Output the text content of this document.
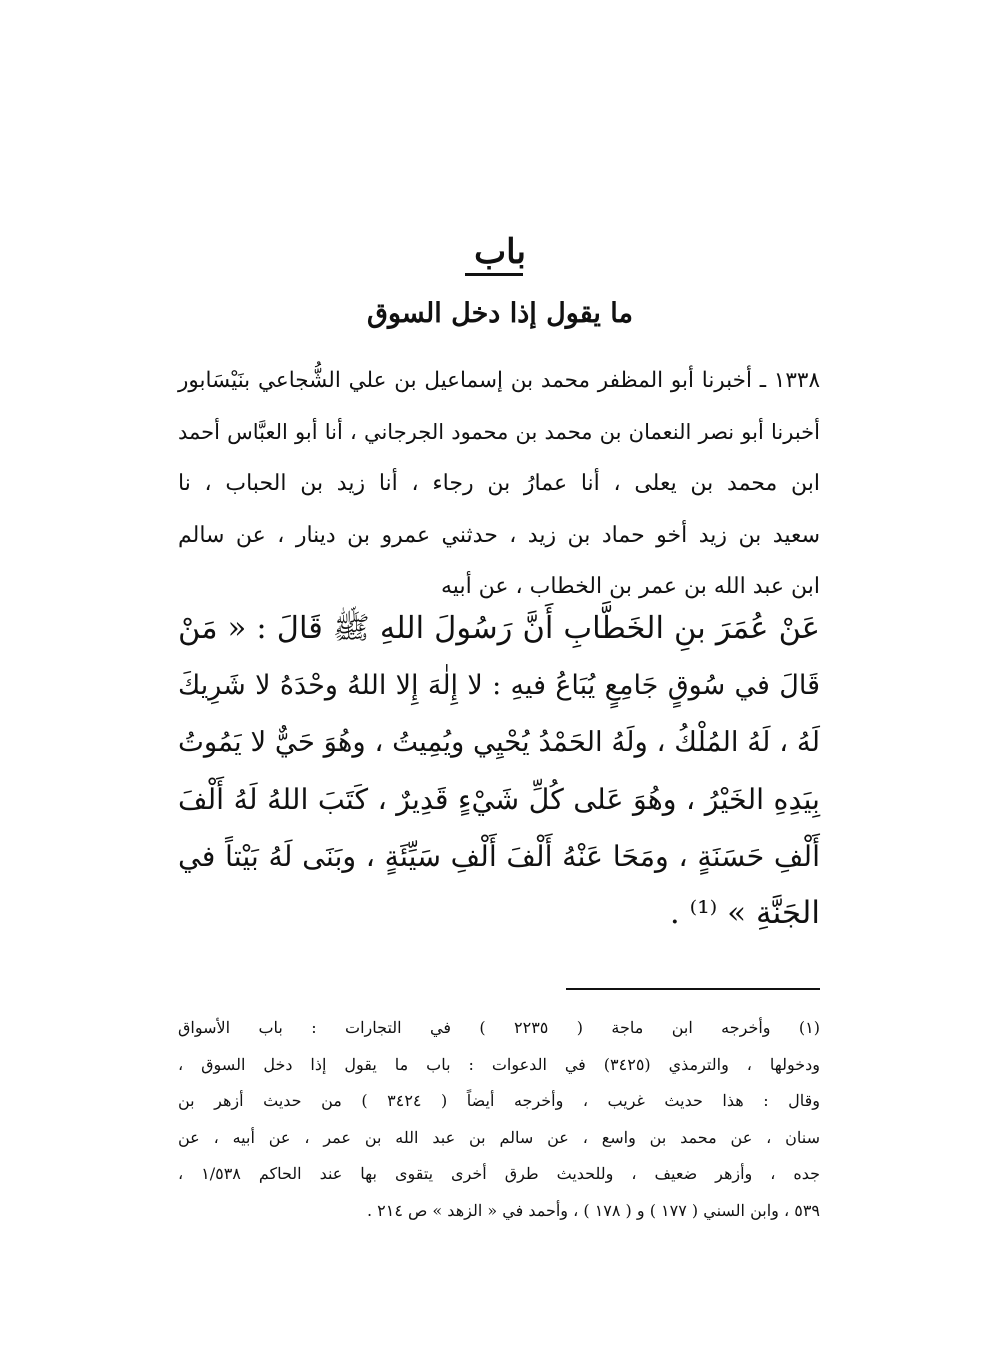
باب
ما يقول إذا دخل السوق
١٣٣٨ ـ أخبرنا أبو المظفر محمد بن إسماعيل بن علي الشُّجاعي بنَيْسَابور
أخبرنا أبو نصر النعمان بن محمد بن محمود الجرجاني ، أنا أبو العبَّاس أحمد
ابن محمد بن يعلى ، أنا عمارُ بن رجاء ، أنا زيد بن الحباب ، نا
سعيد بن زيد أخو حماد بن زيد ، حدثني عمرو بن دينار ، عن سالم
ابن عبد الله بن عمر بن الخطاب ، عن أبيه
عَنْ عُمَرَ بنِ الخَطَّابِ أَنَّ رَسُولَ اللهِ ﷺ قَالَ : « مَنْ
قَالَ في سُوقٍ جَامِعٍ يُبَاعُ فيهِ : لا إِلٰهَ إِلا اللهُ وحْدَهُ لا شَرِيكَ
لَهُ ، لَهُ المُلْكُ ، ولَهُ الحَمْدُ يُحْيِي ويُمِيتُ ، وهُوَ حَيٌّ لا يَمُوتُ
بِيَدِهِ الخَيْرُ ، وهُوَ عَلى كُلِّ شَيْءٍ قَدِيرٌ ، كَتَبَ اللهُ لَهُ أَلْفَ
أَلْفِ حَسَنَةٍ ، ومَحَا عَنْهُ أَلْفَ أَلْفِ سَيِّئَةٍ ، وبَنَى لَهُ بَيْتاً في
الجَنَّةِ » ⁽¹⁾ .
(١) وأخرجه ابن ماجة ( ٢٢٣٥ ) في التجارات : باب الأسواق
ودخولها ، والترمذي (٣٤٢٥) في الدعوات : باب ما يقول إذا دخل السوق ،
وقال : هذا حديث غريب ، وأخرجه أيضاً ( ٣٤٢٤ ) من حديث أزهر بن
سنان ، عن محمد بن واسع ، عن سالم بن عبد الله بن عمر ، عن أبيه ، عن
جده ، وأزهر ضعيف ، وللحديث طرق أخرى يتقوى بها عند الحاكم ١/٥٣٨ ،
٥٣٩ ، وابن السني ( ١٧٧ ) و ( ١٧٨ ) ، وأحمد في « الزهد » ص ٢١٤ .
